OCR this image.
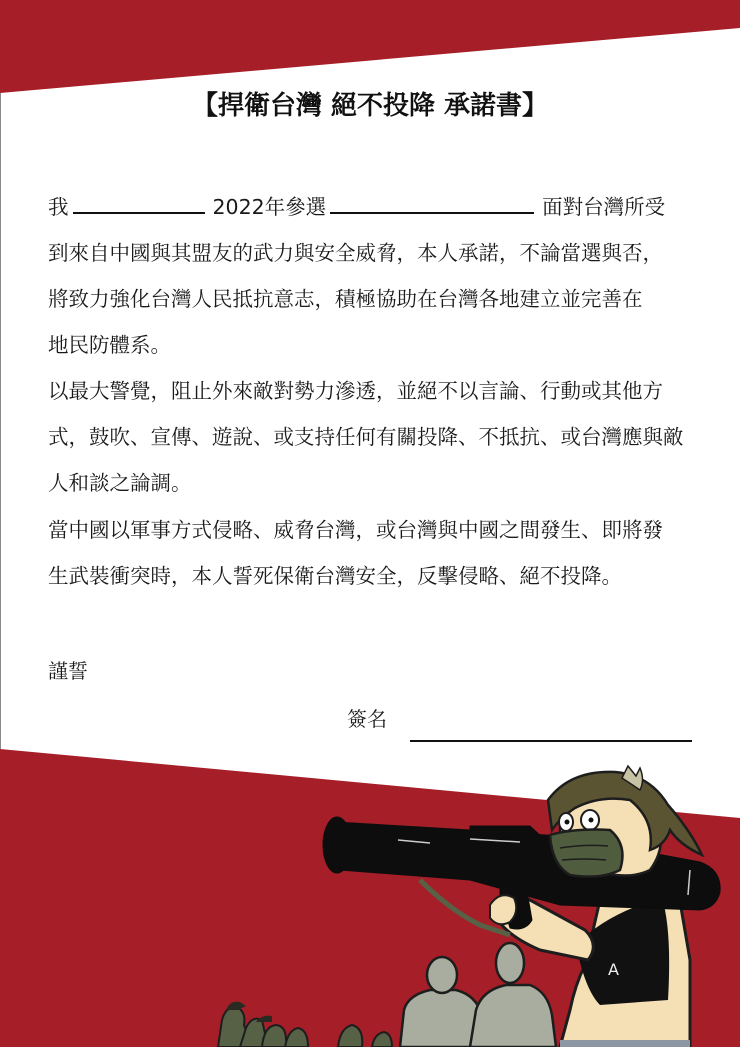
A
【捍衛台灣 絕不投降 承諾書】
我	2022年參選	面對台灣所受
到來自中國與其盟友的武力與安全威脅，本人承諾，不論當選與否，
將致力強化台灣人民抵抗意志，積極協助在台灣各地建立並完善在
地民防體系。
以最大警覺，阻止外來敵對勢力滲透，並絕不以言論、行動或其他方
式，鼓吹、宣傳、遊說、或支持任何有關投降、不抵抗、或台灣應與敵
人和談之論調。
當中國以軍事方式侵略、威脅台灣，或台灣與中國之間發生、即將發
生武裝衝突時，本人誓死保衛台灣安全，反擊侵略、絕不投降。
謹誓
簽名
